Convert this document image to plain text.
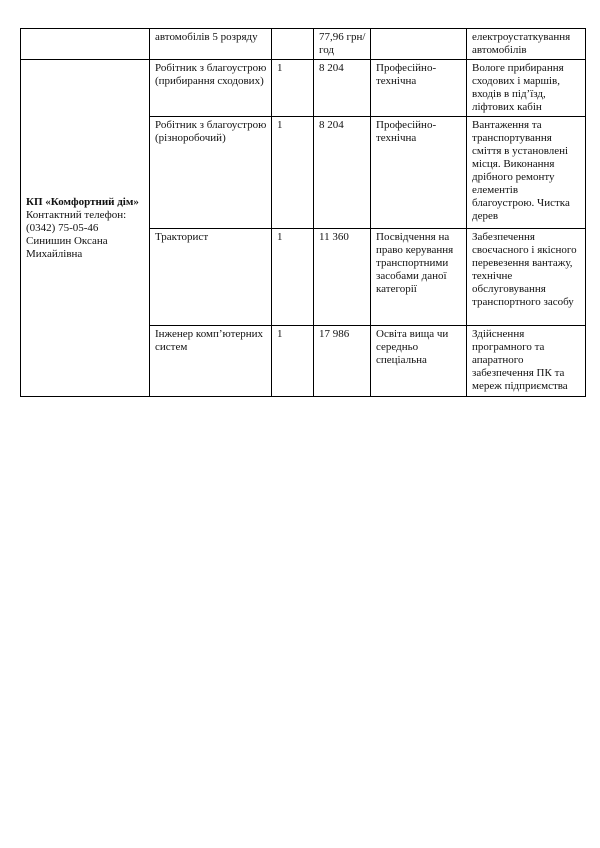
	автомобілів 5 розряду		77,96 грн/год		електроустаткування автомобілів

КП «Комфортний дім»
Контактний телефон:
(0342) 75-05-46
Синишин Оксана
Михайлівна	Робітник з благоустрою (прибирання сходових)	1	8 204	Професійно-технічна	Вологе прибирання сходових і маршів, входів в під’їзд, ліфтових кабін
	Робітник з благоустрою (різноробочий)	1	8 204	Професійно-технічна	Вантаження та транспортування сміття в установлені місця. Виконання дрібного ремонту елементів благоустрою. Чистка дерев
	Тракторист	1	11 360	Посвідчення на право керування транспортними засобами даної категорії	Забезпечення своєчасного і якісного перевезення вантажу, технічне обслуговування транспортного засобу
	Інженер комп’ютерних систем	1	17 986	Освіта вища чи середньо спеціальна	Здійснення програмного та апаратного забезпечення ПК та мереж підприємства
